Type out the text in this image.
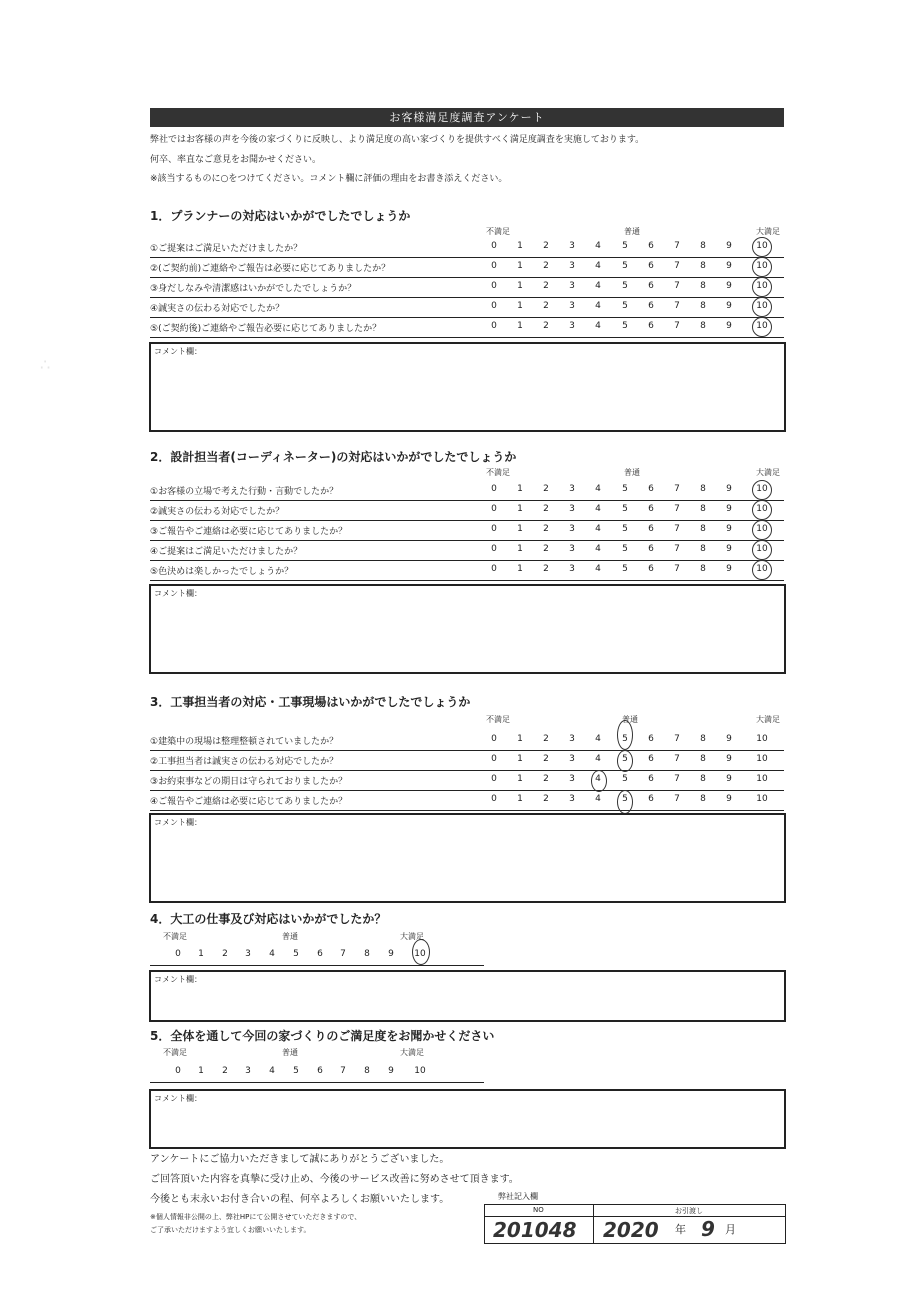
お客様満足度調査アンケート
弊社ではお客様の声を今後の家づくりに反映し、より満足度の高い家づくりを提供すべく満足度調査を実施しております。
何卒、率直なご意見をお聞かせください。
※該当するものに○をつけてください。コメント欄に評価の理由をお書き添えください。
∴
1．プランナーの対応はいかがでしたでしょうか
不満足	普通	大満足
①ご提案はご満足いただけましたか？	0	1	2	3	4	5	6	7	8	9	10
②(ご契約前)ご連絡やご報告は必要に応じてありましたか？	0	1	2	3	4	5	6	7	8	9	10
③身だしなみや清潔感はいかがでしたでしょうか？	0	1	2	3	4	5	6	7	8	9	10
④誠実さの伝わる対応でしたか？	0	1	2	3	4	5	6	7	8	9	10
⑤(ご契約後)ご連絡やご報告必要に応じてありましたか？	0	1	2	3	4	5	6	7	8	9	10
コメント欄：
2．設計担当者(コーディネーター)の対応はいかがでしたでしょうか
不満足	普通	大満足
①お客様の立場で考えた行動・言動でしたか？	0	1	2	3	4	5	6	7	8	9	10
②誠実さの伝わる対応でしたか？	0	1	2	3	4	5	6	7	8	9	10
③ご報告やご連絡は必要に応じてありましたか？	0	1	2	3	4	5	6	7	8	9	10
④ご提案はご満足いただけましたか？	0	1	2	3	4	5	6	7	8	9	10
⑤色決めは楽しかったでしょうか？	0	1	2	3	4	5	6	7	8	9	10
コメント欄：
3．工事担当者の対応・工事現場はいかがでしたでしょうか
不満足	普通	大満足
①建築中の現場は整理整頓されていましたか？	0	1	2	3	4	5	6	7	8	9	10
②工事担当者は誠実さの伝わる対応でしたか？	0	1	2	3	4	5	6	7	8	9	10
③お約束事などの期日は守られておりましたか？	0	1	2	3	4	5	6	7	8	9	10
④ご報告やご連絡は必要に応じてありましたか？	0	1	2	3	4	5	6	7	8	9	10
コメント欄：
4．大工の仕事及び対応はいかがでしたか？
不満足	普通	大満足
0	1	2	3	4	5	6	7	8	9	10
コメント欄：
5．全体を通して今回の家づくりのご満足度をお聞かせください
不満足	普通	大満足
0	1	2	3	4	5	6	7	8	9	10
コメント欄：
アンケートにご協力いただきまして誠にありがとうございました。
ご回答頂いた内容を真摯に受け止め、今後のサービス改善に努めさせて頂きます。
今後とも末永いお付き合いの程、何卒よろしくお願いいたします。	弊社記入欄
※個人情報非公開の上、弊社HPにて公開させていただきますので、
ご了承いただけますよう宜しくお願いいたします。
NO	お引渡し
201048 2020 年 9 月
